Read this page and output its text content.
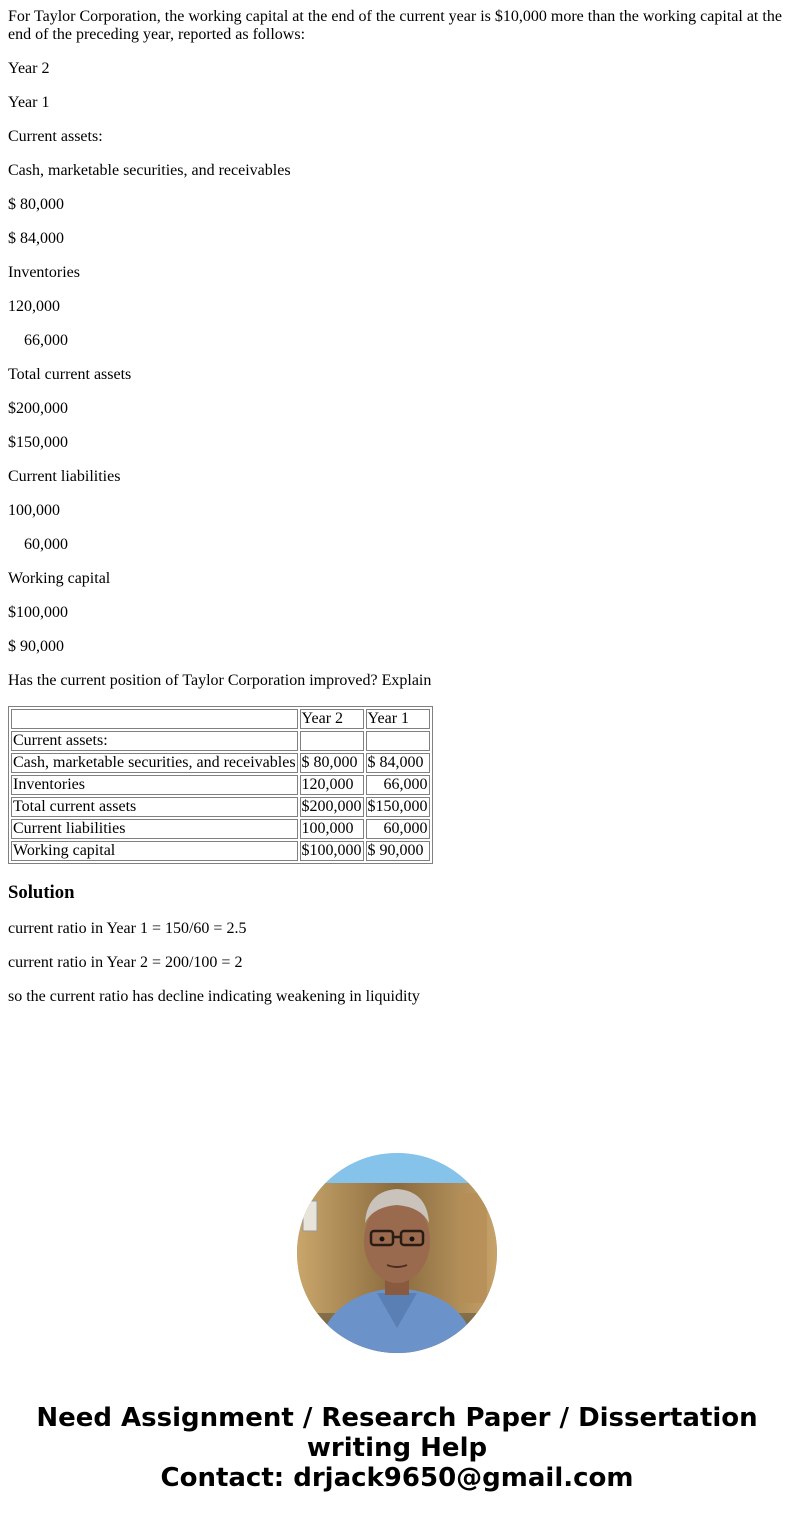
For Taylor Corporation, the working capital at the end of the current year is $10,000 more than the working capital at the end of the preceding year, reported as follows:

Year 2

Year 1

Current assets:

Cash, marketable securities, and receivables

$ 80,000

$ 84,000

Inventories

120,000

66,000

Total current assets

$200,000

$150,000

Current liabilities

100,000

60,000

Working capital

$100,000

$ 90,000

Has the current position of Taylor Corporation improved? Explain

	Year 2	Year 1
Current assets:		
Cash, marketable securities, and receivables	$ 80,000	$ 84,000
Inventories	120,000	66,000
Total current assets	$200,000	$150,000
Current liabilities	100,000	60,000
Working capital	$100,000	$ 90,000
Solution

current ratio in Year 1 = 150/60 = 2.5

current ratio in Year 2 = 200/100 = 2

so the current ratio has decline indicating weakening in liquidity

Need Assignment / Research Paper / Dissertation
writing Help
Contact: drjack9650@gmail.com
